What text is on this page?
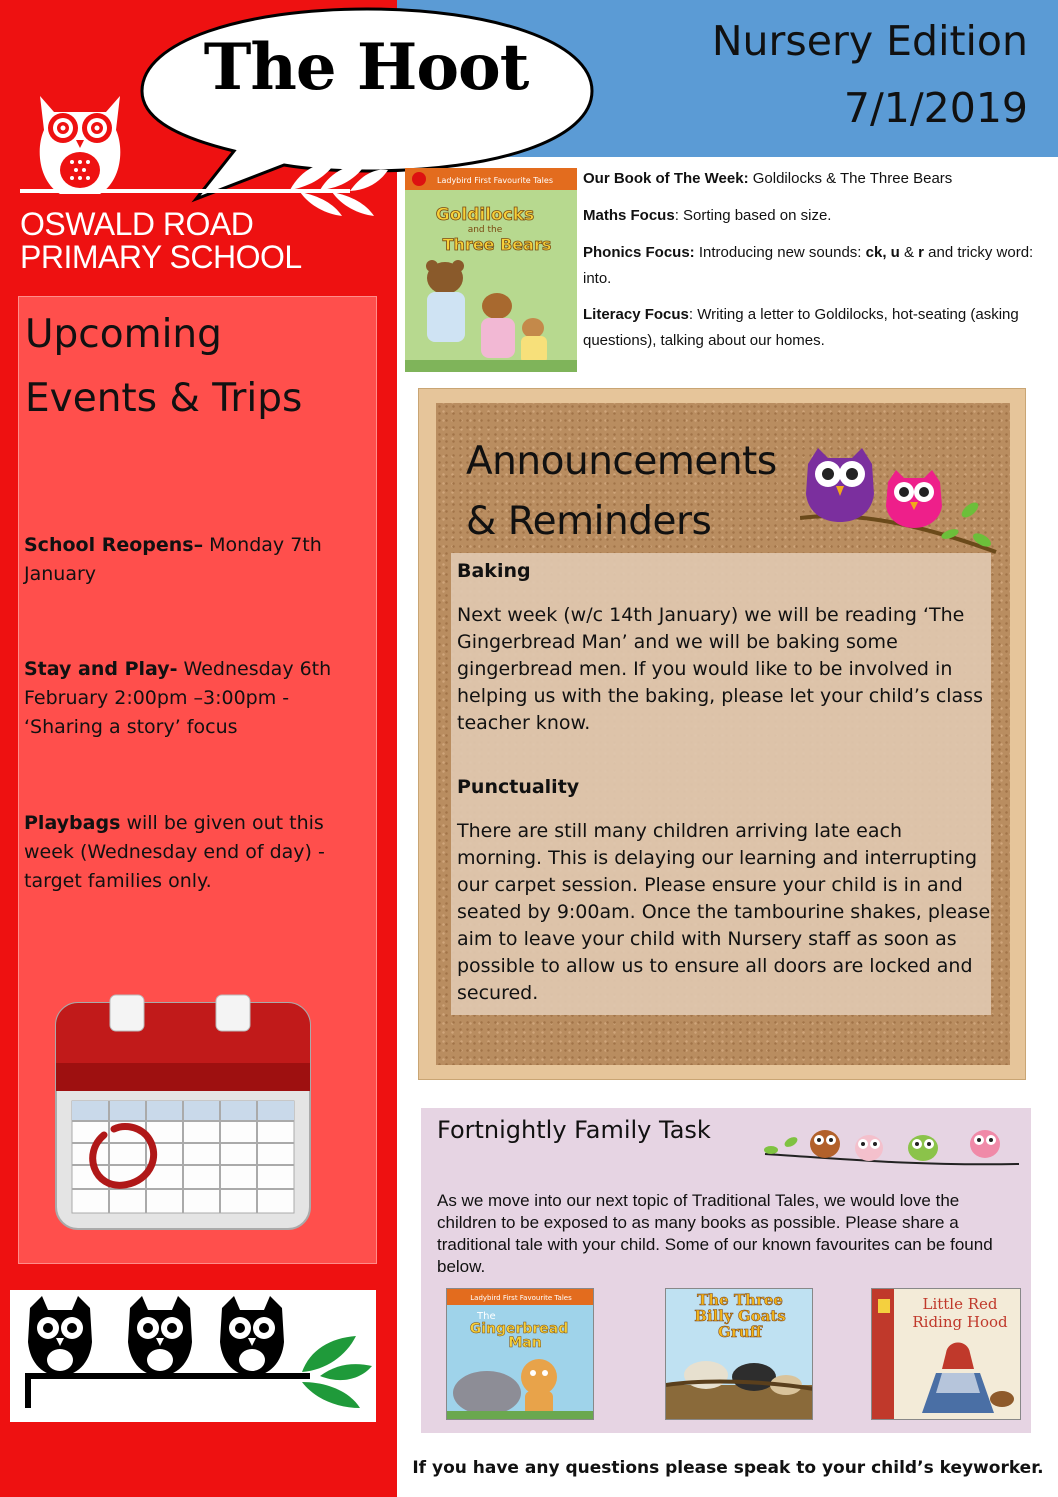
The Hoot	Nursery Edition
7/1/2019
OSWALD ROAD
PRIMARY SCHOOL
Upcoming
Events & Trips
School Reopens– Monday 7th January
Stay and Play- Wednesday 6th February 2:00pm –3:00pm - ‘Sharing a story’ focus
Playbags will be given out this week (Wednesday end of day) - target families only.
Ladybird First Favourite Tales
Goldilocks
and the
Three Bears
Our Book of The Week: Goldilocks & The Three Bears
Maths Focus: Sorting based on size.
Phonics Focus: Introducing new sounds: ck, u & r and tricky word: into.
Literacy Focus: Writing a letter to Goldilocks, hot-seating (asking questions), talking about our homes.
Announcements
& Reminders
Baking
Next week (w/c 14th January) we will be reading ‘The Gingerbread Man’ and we will be baking some gingerbread men. If you would like to be involved in helping us with the baking, please let your child’s class teacher know.
Punctuality
There are still many children arriving late each morning. This is delaying our learning and interrupting our carpet session. Please ensure your child is in and seated by 9:00am. Once the tambourine shakes, please aim to leave your child with Nursery staff as soon as possible to allow us to ensure all doors are locked and secured.
Fortnightly Family Task
As we move into our next topic of Traditional Tales, we would love the children to be exposed to as many books as possible. Please share a traditional tale with your child. Some of our known favourites can be found below.
Ladybird First Favourite Tales
The
Gingerbread
Man
The Three
Billy Goats
Gruff
Little Red
Riding Hood
If you have any questions please speak to your child’s keyworker.
